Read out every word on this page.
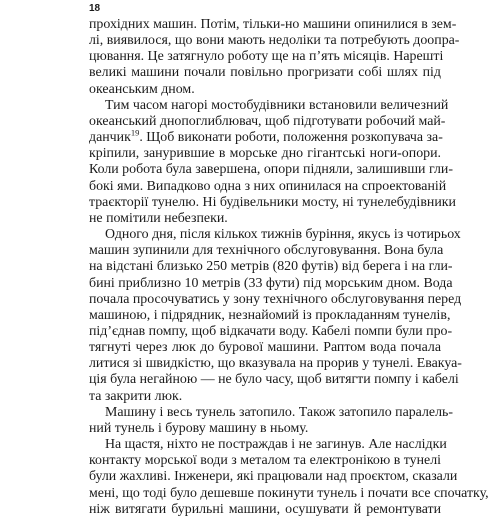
18
прохідних машин. Потім, тільки-но машини опинилися в зем-
лі, виявилося, що вони мають недоліки та потребують доопра-
цювання. Це затягнуло роботу ще на п’ять місяців. Нарешті
великі машини почали повільно прогризати собі шлях під
океанським дном.
Тим часом нагорі мостобудівники встановили величезний
океанський днопоглиблювач, щоб підготувати робочий май-
данчик$^{19}$. Щоб виконати роботи, положення розкопувача за-
кріпили, занурившиe в морське дно гігантські ноги-опори.
Коли робота була завершена, опори підняли, залишивши гли-
бокі ями. Випадково одна з них опинилася на спроектованій
траєкторії тунелю. Ні будівельники мосту, ні тунелебудівники
не помітили небезпеки.
Одного дня, після кількох тижнів буріння, якусь із чотирьох
машин зупинили для технічного обслуговування. Вона була
на відстані близько 250 метрів (820 футів) від берега і на гли-
бині приблизно 10 метрів (33 фути) під морським дном. Вода
почала просочуватись у зону технічного обслуговування перед
машиною, і підрядник, незнайомий із прокладанням тунелів,
під’єднав помпу, щоб відкачати воду. Кабелі помпи були про-
тягнуті через люк до бурової машини. Раптом вода почала
литися зі швидкістю, що вказувала на прорив у тунелі. Евакуа-
ція була негайною — не було часу, щоб витягти помпу і кабелі
та закрити люк.
Машину і весь тунель затопило. Також затопило паралель-
ний тунель і бурову машину в ньому.
На щастя, ніхто не постраждав і не загинув. Але наслідки
контакту морської води з металом та електронікою в тунелі
були жахливі. Інженери, які працювали над проєктом, сказали
мені, що тоді було дешевше покинути тунель і почати все спочатку,
ніж витягати бурильні машини, осушувати й ремонтувати
